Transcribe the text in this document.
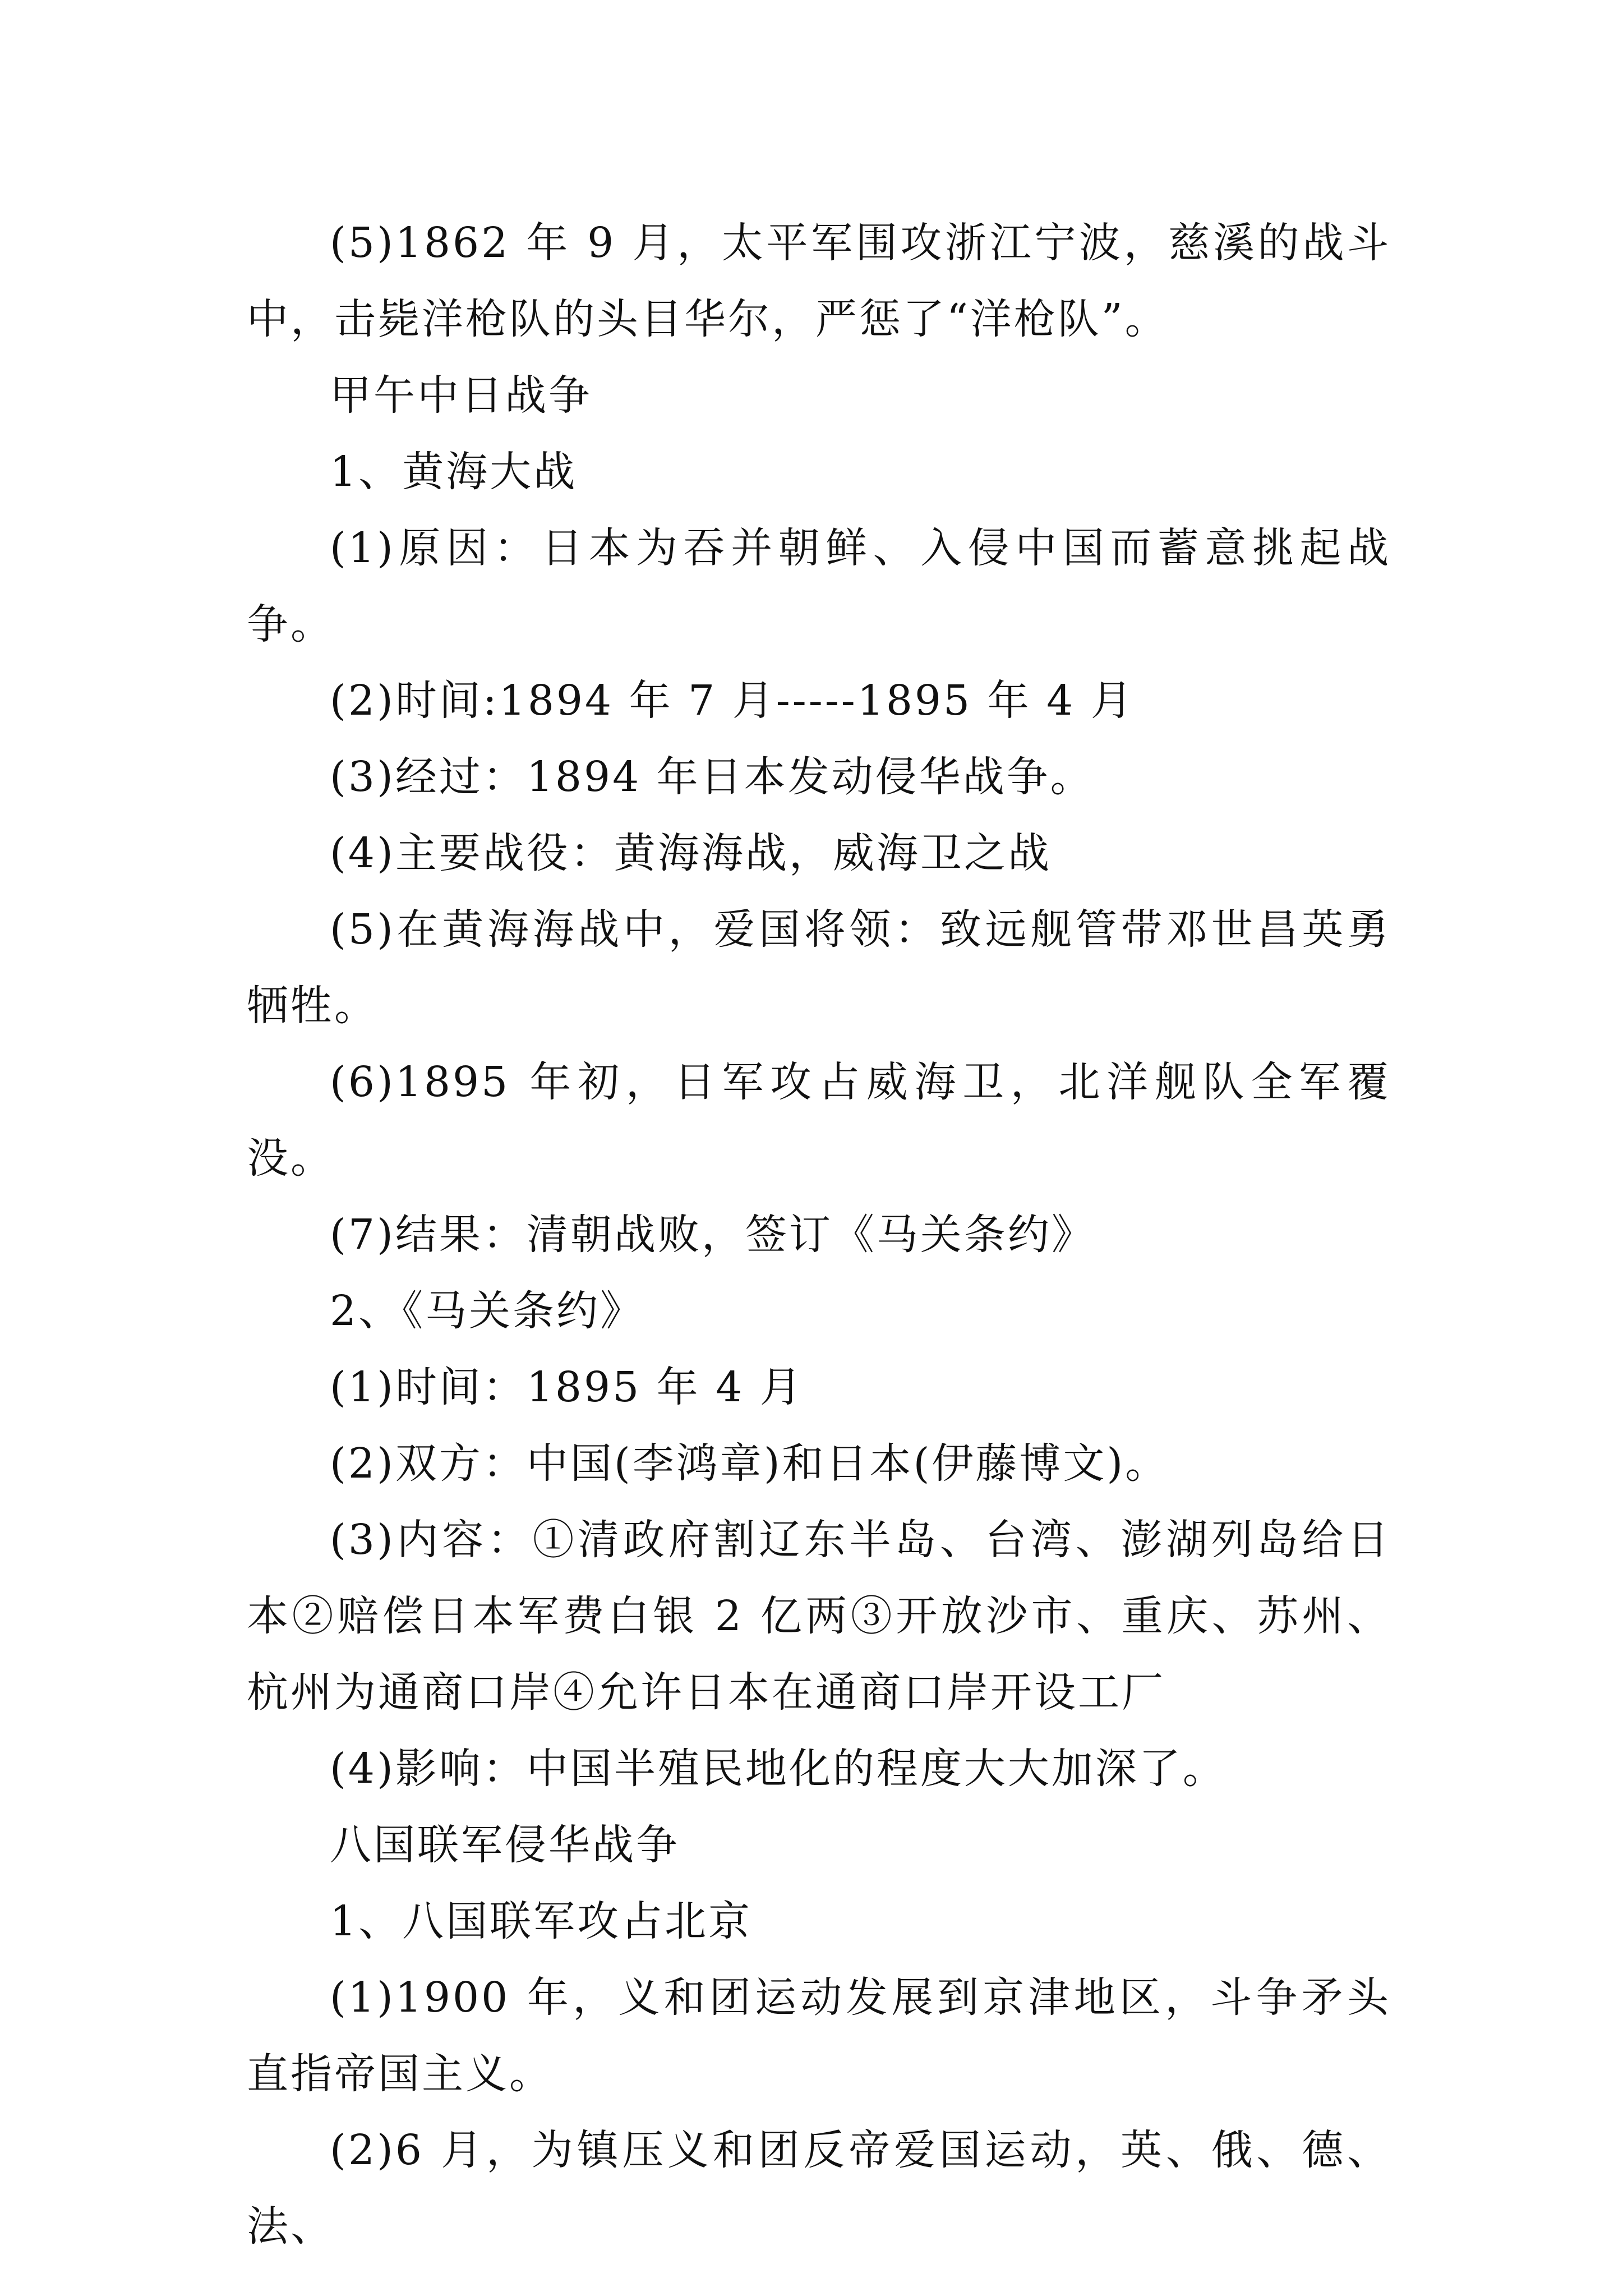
(5)1862 年 9 月，太平军围攻浙江宁波，慈溪的战斗中，击毙洋枪队的头目华尔，严惩了“洋枪队”。

甲午中日战争

1、黄海大战

(1)原因：日本为吞并朝鲜、入侵中国而蓄意挑起战争。

(2)时间:1894 年 7 月-----1895 年 4 月

(3)经过：1894 年日本发动侵华战争。

(4)主要战役：黄海海战，威海卫之战

(5)在黄海海战中，爱国将领：致远舰管带邓世昌英勇牺牲。

(6)1895 年初，日军攻占威海卫，北洋舰队全军覆没。

(7)结果：清朝战败，签订《马关条约》

2、《马关条约》

(1)时间：1895 年 4 月

(2)双方：中国(李鸿章)和日本(伊藤博文)。

(3)内容：①清政府割辽东半岛、台湾、澎湖列岛给日本②赔偿日本军费白银 2 亿两③开放沙市、重庆、苏州、杭州为通商口岸④允许日本在通商口岸开设工厂

(4)影响：中国半殖民地化的程度大大加深了。

八国联军侵华战争

1、八国联军攻占北京

(1)1900 年，义和团运动发展到京津地区，斗争矛头直指帝国主义。

(2)6 月，为镇压义和团反帝爱国运动，英、俄、德、法、
